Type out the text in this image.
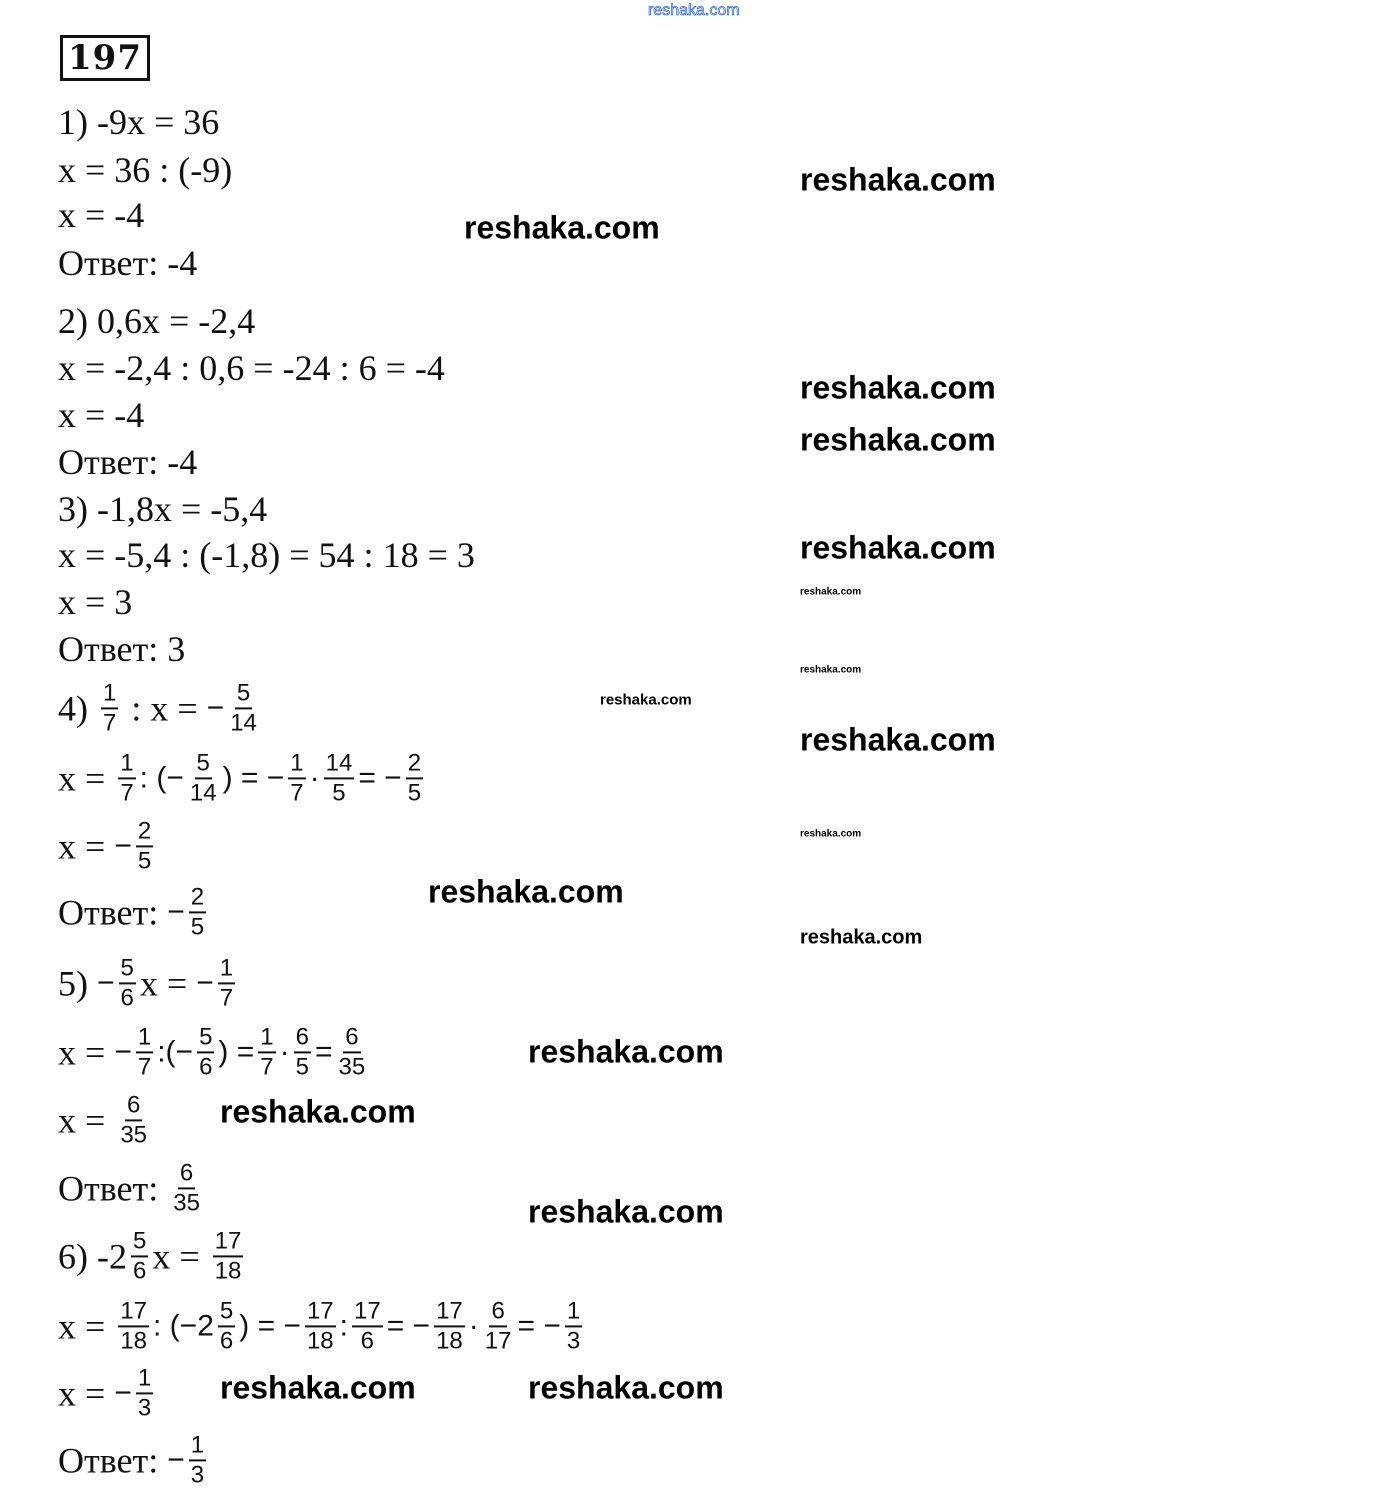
197
1) -9x = 36
x = 36 : (-9)
x = -4
Ответ: -4
2) 0,6x = -2,4
x = -2,4 : 0,6 = -24 : 6 = -4
x = -4
Ответ: -4
3) -1,8x = -5,4
x = -5,4 : (-1,8) = 54 : 18 = 3
x = 3
Ответ: 3
$4) \frac{1}{7}$ : x = − $\frac{5}{14}$
$x = \frac{1}{7}$ : (− $\frac{5}{14}$ ) = − $\frac{1}{7} \cdot \frac{14}{5}$ = − $\frac{2}{5}$
x = − $\frac{2}{5}$
Ответ: − $\frac{2}{5}$
$5) - \frac{5}{6}$ x = − $\frac{1}{7}$
x = − $\frac{1}{7}$ :(− $\frac{5}{6}$ ) = $\frac{1}{7} \cdot \frac{6}{5} = \frac{6}{35}$
$x = \frac{6}{35}$
Ответ: $\frac{6}{35}$
6) $-2 \frac{5}{6}$ $x = \frac{17}{18}$
$x = \frac{17}{18}$ : ($-2 \frac{5}{6}$ ) = − $\frac{17}{18}$ : $\frac{17}{6}$ = − $\frac{17}{18} \cdot \frac{6}{17}$ = − $\frac{1}{3}$
x = − $\frac{1}{3}$
Ответ: − $\frac{1}{3}$
reshaka.com
reshaka.com
reshaka.com
reshaka.com
reshaka.com
reshaka.com
reshaka.com
reshaka.com
reshaka.com
reshaka.com
reshaka.com
reshaka.com
reshaka.com
reshaka.com
reshaka.com
reshaka.com
reshaka.com	reshaka.com
